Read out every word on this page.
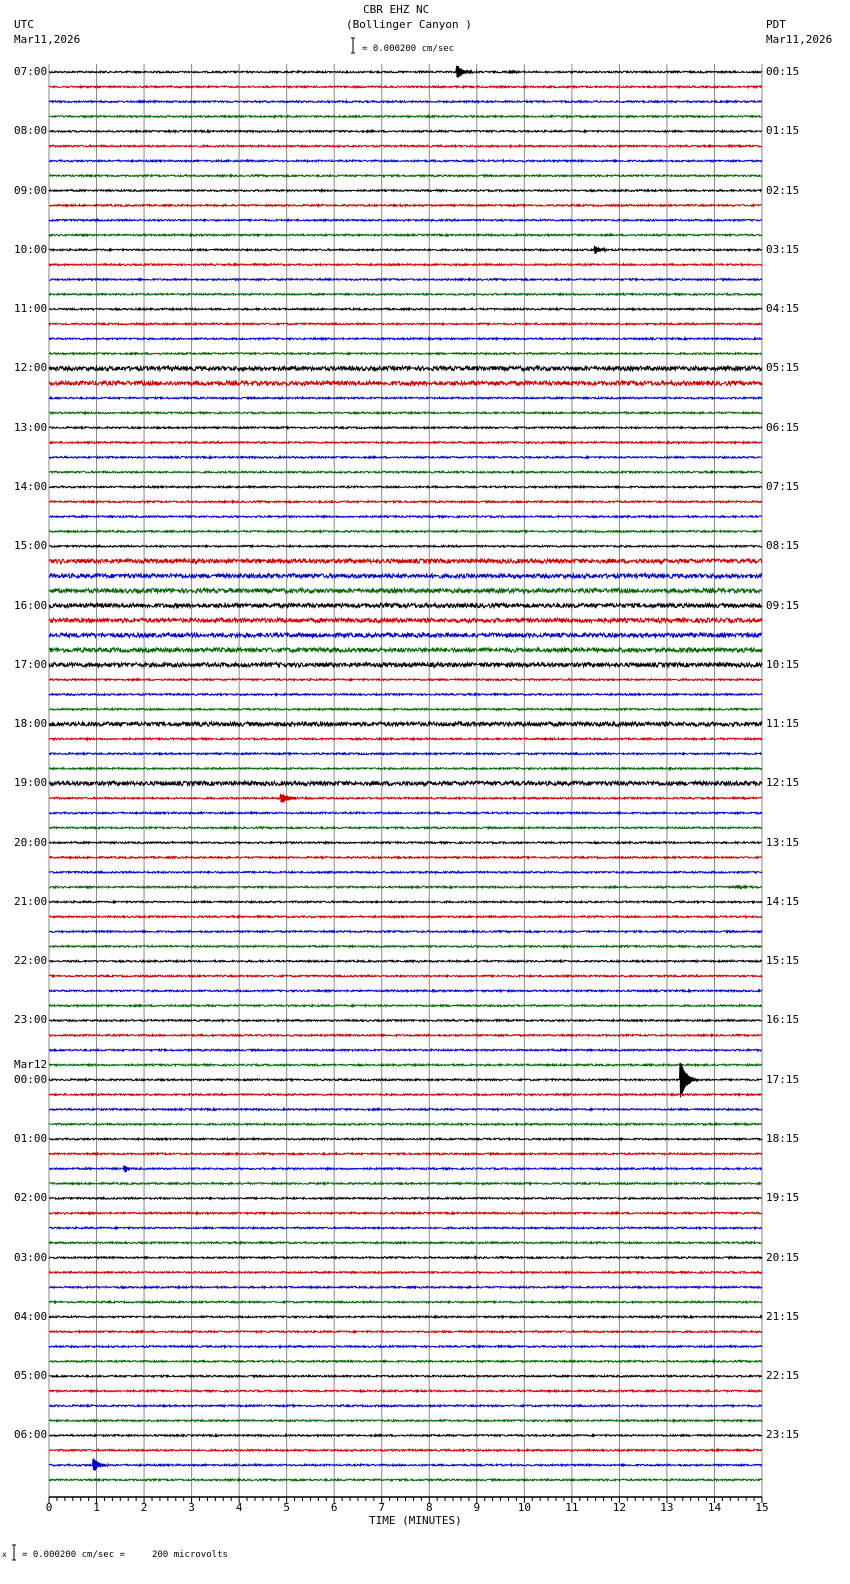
CBR EHZ NC
(Bollinger Canyon )
UTC
Mar11,2026
PDT
Mar11,2026
= 0.000200 cm/sec
TIME (MINUTES)
x = 0.000200 cm/sec =     200 microvolts
07:00
08:00
09:00
10:00
11:00
12:00
13:00
14:00
15:00
16:00
17:00
18:00
19:00
20:00
21:00
22:00
23:00
00:00
01:00
02:00
03:00
04:00
05:00
06:00
00:15
01:15
02:15
03:15
04:15
05:15
06:15
07:15
08:15
09:15
10:15
11:15
12:15
13:15
14:15
15:15
16:15
17:15
18:15
19:15
20:15
21:15
22:15
23:15
Mar12
0	1	2	3	4	5	6	7	8	9	10	11	12	13	14	15
